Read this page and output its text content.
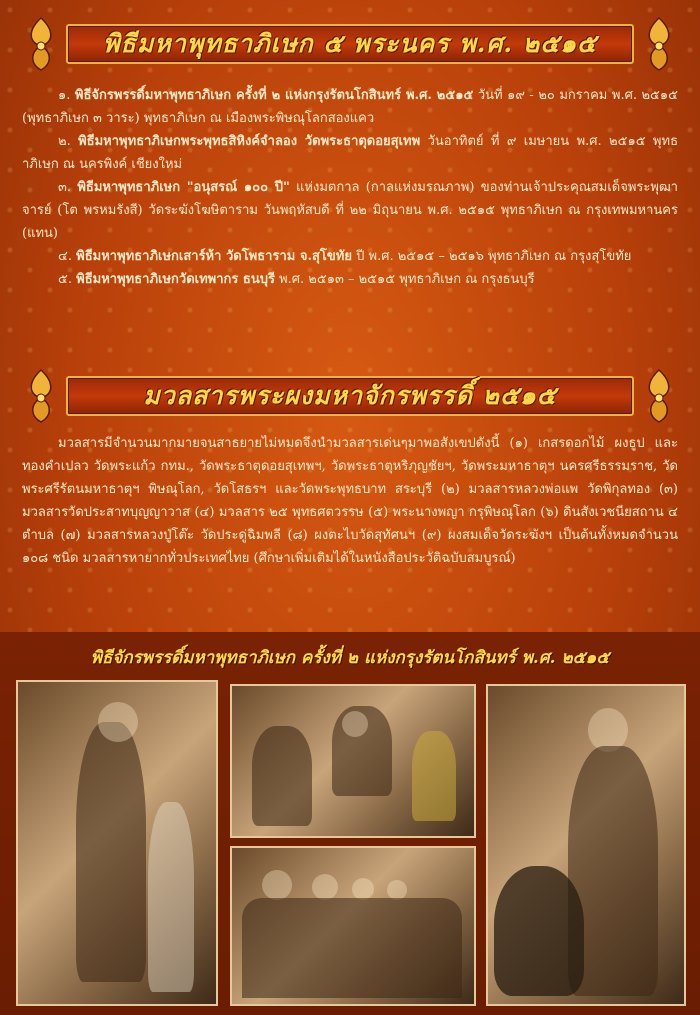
พิธีมหาพุทธาภิเษก ๕ พระนคร พ.ศ. ๒๕๑๕

๑. พิธีจักรพรรดิ์มหาพุทธาภิเษก ครั้งที่ ๒ แห่งกรุงรัตนโกสินทร์ พ.ศ. ๒๕๑๕ วันที่ ๑๙ - ๒๐ มกราคม พ.ศ. ๒๕๑๕ (พุทธาภิเษก ๓ วาระ) พุทธาภิเษก ณ เมืองพระพิษณุโลกสองแคว

๒. พิธีมหาพุทธาภิเษกพระพุทธสิหิงค์จำลอง วัดพระธาตุดอยสุเทพ วันอาทิตย์ ที่ ๙ เมษายน พ.ศ. ๒๕๑๕ พุทธาภิเษก ณ นครพิงค์ เชียงใหม่

๓. พิธีมหาพุทธาภิเษก "อนุสรณ์ ๑๐๐ ปี" แห่งมตกาล (กาลแห่งมรณภาพ) ของท่านเจ้าประคุณสมเด็จพระพุฒาจารย์ (โต พรหมรังสี) วัดระฆังโฆษิตาราม วันพฤหัสบดี ที่ ๒๒ มิถุนายน พ.ศ. ๒๕๑๕ พุทธาภิเษก ณ กรุงเทพมหานคร (แทน)

๔. พิธีมหาพุทธาภิเษกเสาร์ห้า วัดโพธาราม จ.สุโขทัย ปี พ.ศ. ๒๕๑๕ – ๒๕๑๖ พุทธาภิเษก ณ กรุงสุโขทัย

๕. พิธีมหาพุทธาภิเษกวัดเทพากร ธนบุรี พ.ศ. ๒๕๑๓ – ๒๕๑๕ พุทธาภิเษก ณ กรุงธนบุรี

มวลสารพระผงมหาจักรพรรดิ์ ๒๕๑๕

มวลสารมีจำนวนมากมายจนสาธยายไม่หมดจึงนำมวลสารเด่นๆมาพอสังเขปดังนี้ (๑) เกสรดอกไม้ ผงธูป และทองคำเปลว วัดพระแก้ว กทม., วัดพระธาตุดอยสุเทพฯ, วัดพระธาตุหริภุญชัยฯ, วัดพระมหาธาตุฯ นครศรีธรรมราช, วัดพระศรีรัตนมหาธาตุฯ พิษณุโลก, วัดโสธรฯ และวัดพระพุทธบาท สระบุรี (๒) มวลสารหลวงพ่อแพ วัดพิกุลทอง (๓) มวลสารวัดประสาทบุญญาวาส (๔) มวลสาร ๒๕ พุทธศตวรรษ (๕) พระนางพญา กรุพิษณุโลก (๖) ดินสังเวชนียสถาน ๔ ตำบล (๗) มวลสารหลวงปู่โต๊ะ วัดประดู่ฉิมพลี (๘) ผงตะไบวัดสุทัศนฯ (๙) ผงสมเด็จวัดระฆังฯ เป็นต้นทั้งหมดจำนวน ๑๐๘ ชนิด มวลสารหายากทั่วประเทศไทย (ศึกษาเพิ่มเติมได้ในหนังสือประวัติฉบับสมบูรณ์)

พิธีจักรพรรดิ์มหาพุทธาภิเษก ครั้งที่ ๒ แห่งกรุงรัตนโกสินทร์ พ.ศ. ๒๕๑๕
